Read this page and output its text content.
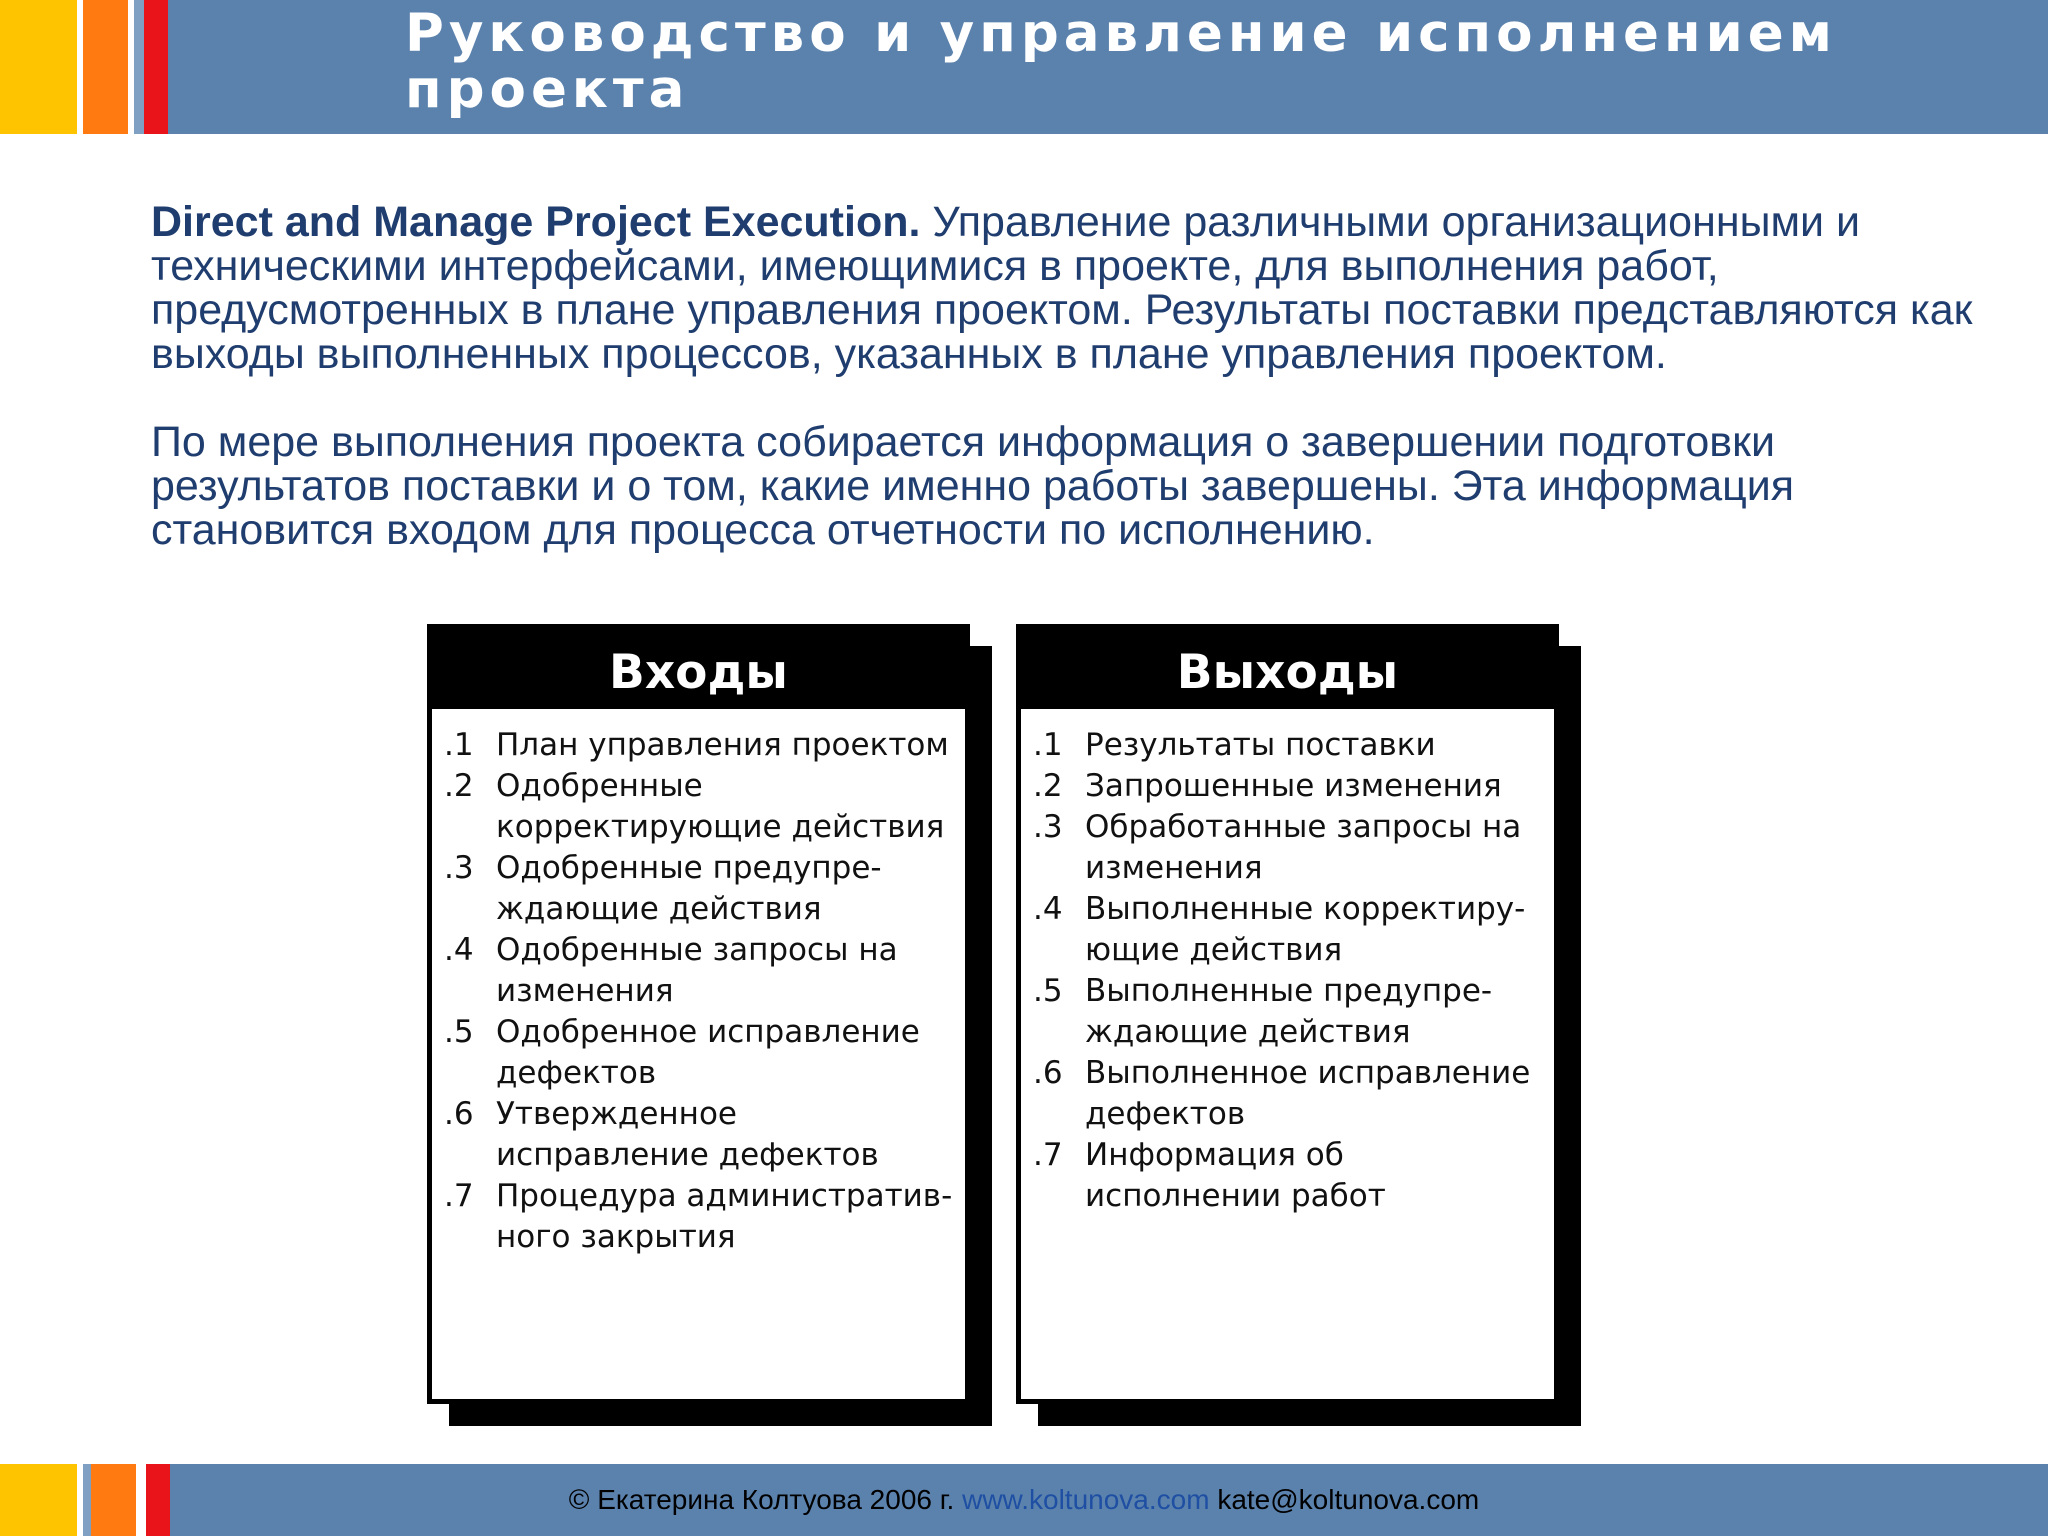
Руководство и управление исполнением
проекта

Direct and Manage Project Execution. Управление различными организационными и техническими интерфейсами, имеющимися в проекте, для выполнения работ, предусмотренных в плане управления проектом. Результаты поставки представляются как выходы выполненных процессов, указанных в плане управления проектом.

По мере выполнения проекта собирается информация о завершении подготовки результатов поставки и о том, какие именно работы завершены. Эта информация становится входом для процесса отчетности по исполнению.

Входы
.1 План управления проектом
.2 Одобренные корректирующие действия
.3 Одобренные предупре-ждающие действия
.4 Одобренные запросы на изменения
.5 Одобренное исправление дефектов
.6 Утвержденное исправление дефектов
.7 Процедура административ-ного закрытия
Выходы
.1 Результаты поставки
.2 Запрошенные изменения
.3 Обработанные запросы на изменения
.4 Выполненные корректиру-ющие действия
.5 Выполненные предупре-ждающие действия
.6 Выполненное исправление дефектов
.7 Информация об исполнении работ
© Екатерина Колтуова 2006 г. www.koltunova.com kate@koltunova.com
